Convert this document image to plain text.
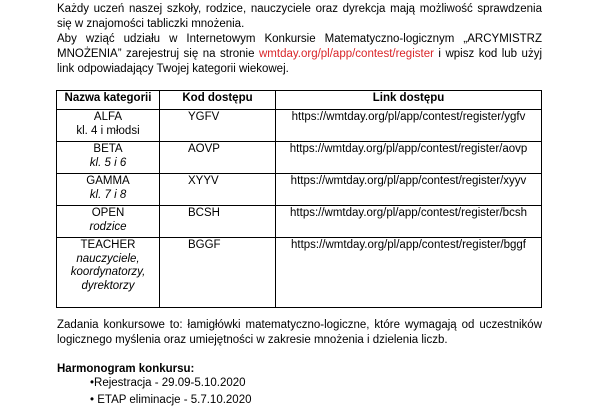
Każdy uczeń naszej szkoły, rodzice, nauczyciele oraz dyrekcja mają możliwość sprawdzenia się w znajomości tabliczki mnożenia.
Aby wziąć udziału w Internetowym Konkursie Matematyczno-logicznym „ARCYMISTRZ MNOŻENIA” zarejestruj się na stronie wmtday.org/pl/app/contest/register i wpisz kod lub użyj link odpowiadający Twojej kategorii wiekowej.
Nazwa kategorii	Kod dostępu	Link dostępu
ALFA
kl. 4 i młodsi	YGFV	https://wmtday.org/pl/app/contest/register/ygfv
BETA
kl. 5 i 6	AOVP	https://wmtday.org/pl/app/contest/register/aovp
GAMMA
kl. 7 i 8	XYYV	https://wmtday.org/pl/app/contest/register/xyyv
OPEN
rodzice	BCSH	https://wmtday.org/pl/app/contest/register/bcsh
TEACHER
nauczyciele, koordynatorzy, dyrektorzy	BGGF	https://wmtday.org/pl/app/contest/register/bggf
Zadania konkursowe to: łamigłówki matematyczno-logiczne, które wymagają od uczestników logicznego myślenia oraz umiejętności w zakresie mnożenia i dzielenia liczb.
Harmonogram konkursu:
•Rejestracja - 29.09-5.10.2020
• ETAP eliminacje - 5.7.10.2020
